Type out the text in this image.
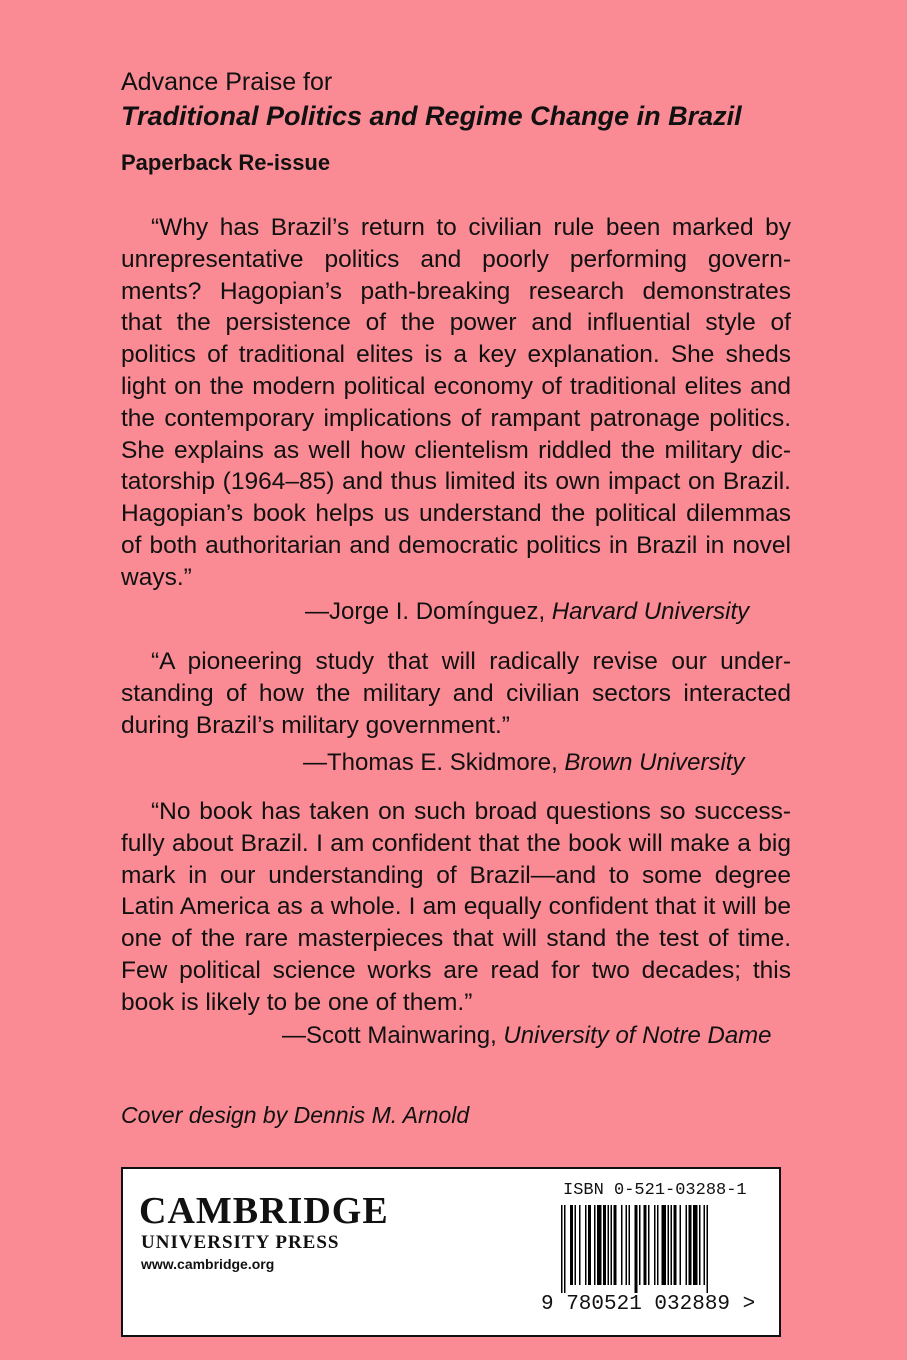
Advance Praise for

Traditional Politics and Regime Change in Brazil

Paperback Re-issue

“Why has Brazil’s return to civilian rule been marked by unrepresentative politics and poorly performing governments? Hagopian’s path-breaking research demonstrates that the persistence of the power and influential style of politics of traditional elites is a key explanation. She sheds light on the modern political economy of traditional elites and the contemporary implications of rampant patronage politics. She explains as well how clientelism riddled the military dictatorship (1964–85) and thus limited its own impact on Brazil. Hagopian’s book helps us understand the political dilemmas of both authoritarian and democratic politics in Brazil in novel ways.”

—Jorge I. Domínguez, Harvard University

“A pioneering study that will radically revise our understanding of how the military and civilian sectors interacted during Brazil’s military government.”

—Thomas E. Skidmore, Brown University

“No book has taken on such broad questions so successfully about Brazil. I am confident that the book will make a big mark in our understanding of Brazil—and to some degree Latin America as a whole. I am equally confident that it will be one of the rare masterpieces that will stand the test of time. Few political science works are read for two decades; this book is likely to be one of them.”

—Scott Mainwaring, University of Notre Dame

Cover design by Dennis M. Arnold

CAMBRIDGE
UNIVERSITY PRESS
www.cambridge.org
ISBN 0-521-03288-1
9 780521 032889 >
